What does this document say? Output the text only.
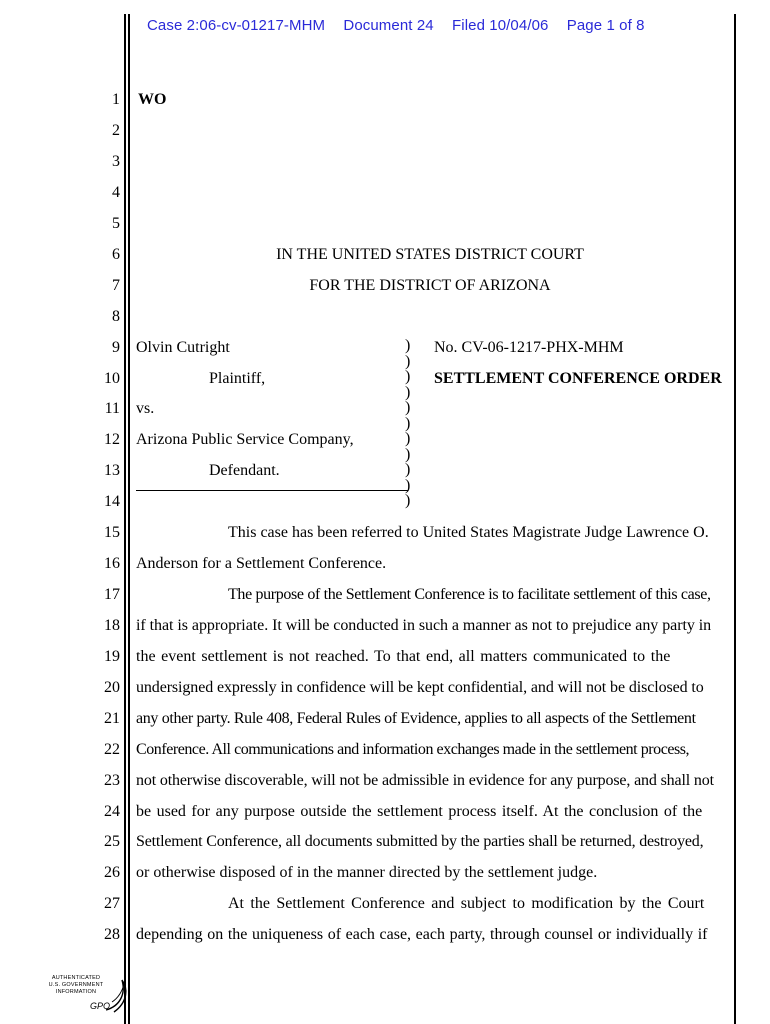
Case 2:06-cv-01217-MHM Document 24 Filed 10/04/06 Page 1 of 8
1
2
3
4
5
6
7
8
9
10
11
12
13
14
15
16
17
18
19
20
21
22
23
24
25
26
27
28
WO
IN THE UNITED STATES DISTRICT COURT
FOR THE DISTRICT OF ARIZONA
Olvin Cutright
Plaintiff,
vs.
Arizona Public Service Company,
Defendant.
)
)
)
)
)
)
)
)
)
)
)
No. CV-06-1217-PHX-MHM
SETTLEMENT CONFERENCE ORDER
This case has been referred to United States Magistrate Judge Lawrence O.
Anderson for a Settlement Conference.
The purpose of the Settlement Conference is to facilitate settlement of this case,
if that is appropriate. It will be conducted in such a manner as not to prejudice any party in
the event settlement is not reached. To that end, all matters communicated to the
undersigned expressly in confidence will be kept confidential, and will not be disclosed to
any other party. Rule 408, Federal Rules of Evidence, applies to all aspects of the Settlement
Conference. All communications and information exchanges made in the settlement process,
not otherwise discoverable, will not be admissible in evidence for any purpose, and shall not
be used for any purpose outside the settlement process itself. At the conclusion of the
Settlement Conference, all documents submitted by the parties shall be returned, destroyed,
or otherwise disposed of in the manner directed by the settlement judge.
At the Settlement Conference and subject to modification by the Court
depending on the uniqueness of each case, each party, through counsel or individually if
AUTHENTICATED
U.S. GOVERNMENT
INFORMATION
GPO
